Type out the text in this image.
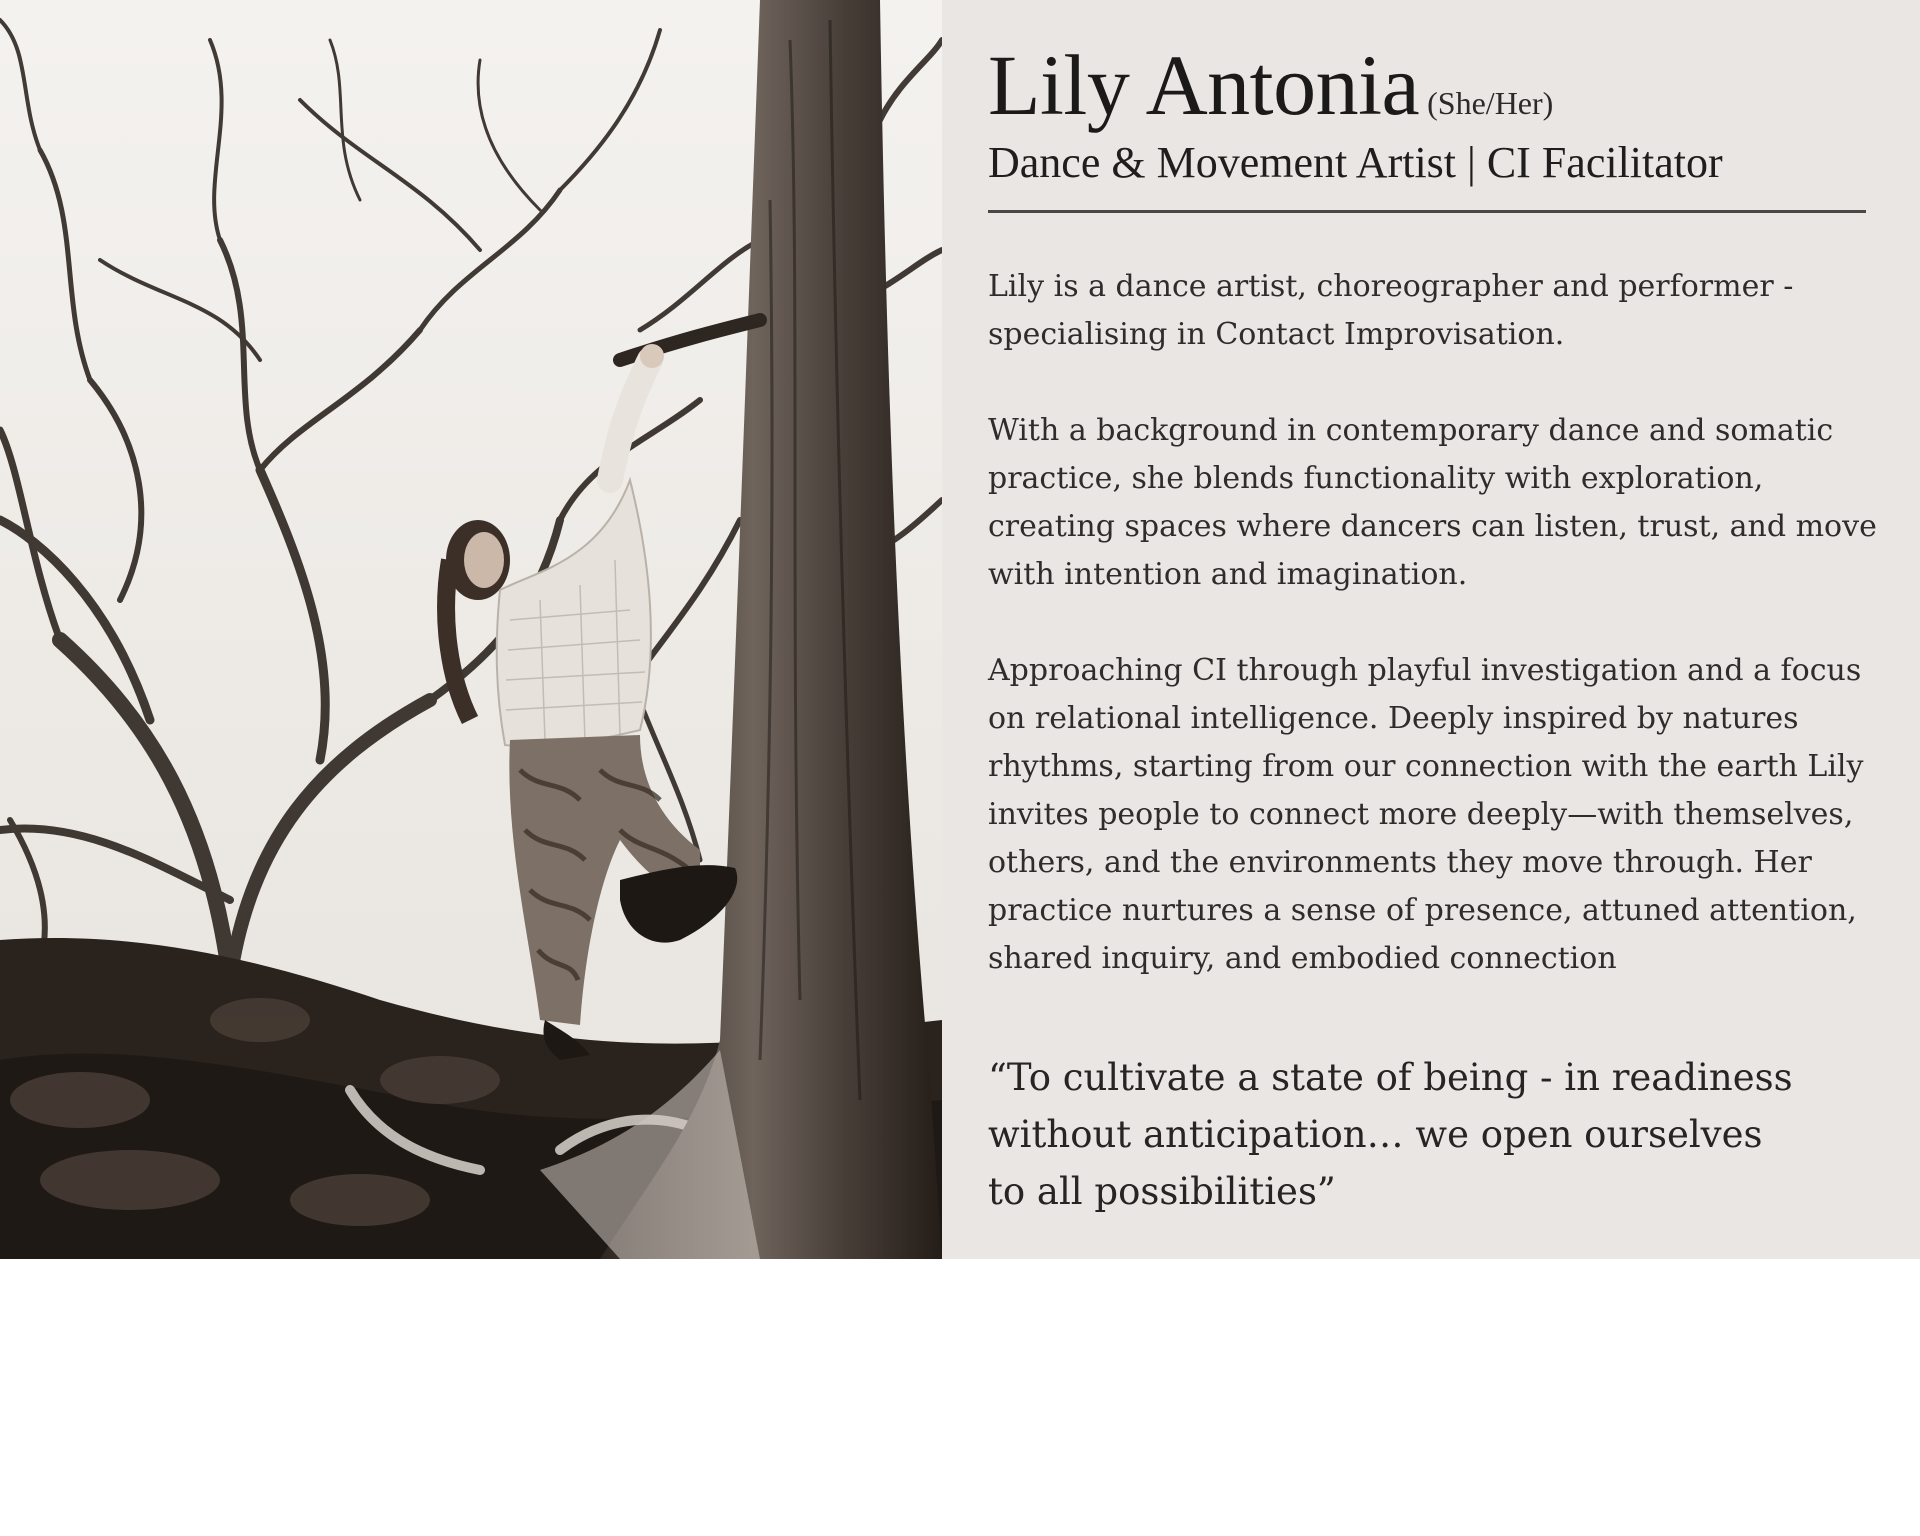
Lily Antonia (She/Her)
Dance & Movement Artist | CI Facilitator

Lily is a dance artist, choreographer and performer - specialising in Contact Improvisation.

With a background in contemporary dance and somatic practice, she blends functionality with exploration, creating spaces where dancers can listen, trust, and move with intention and imagination.

Approaching CI through playful investigation and a focus on relational intelligence. Deeply inspired by natures rhythms, starting from our connection with the earth Lily invites people to connect more deeply—with themselves, others, and the environments they move through. Her practice nurtures a sense of presence, attuned attention, shared inquiry, and embodied connection

“To cultivate a state of being - in readiness without anticipation… we open ourselves to all possibilities”
